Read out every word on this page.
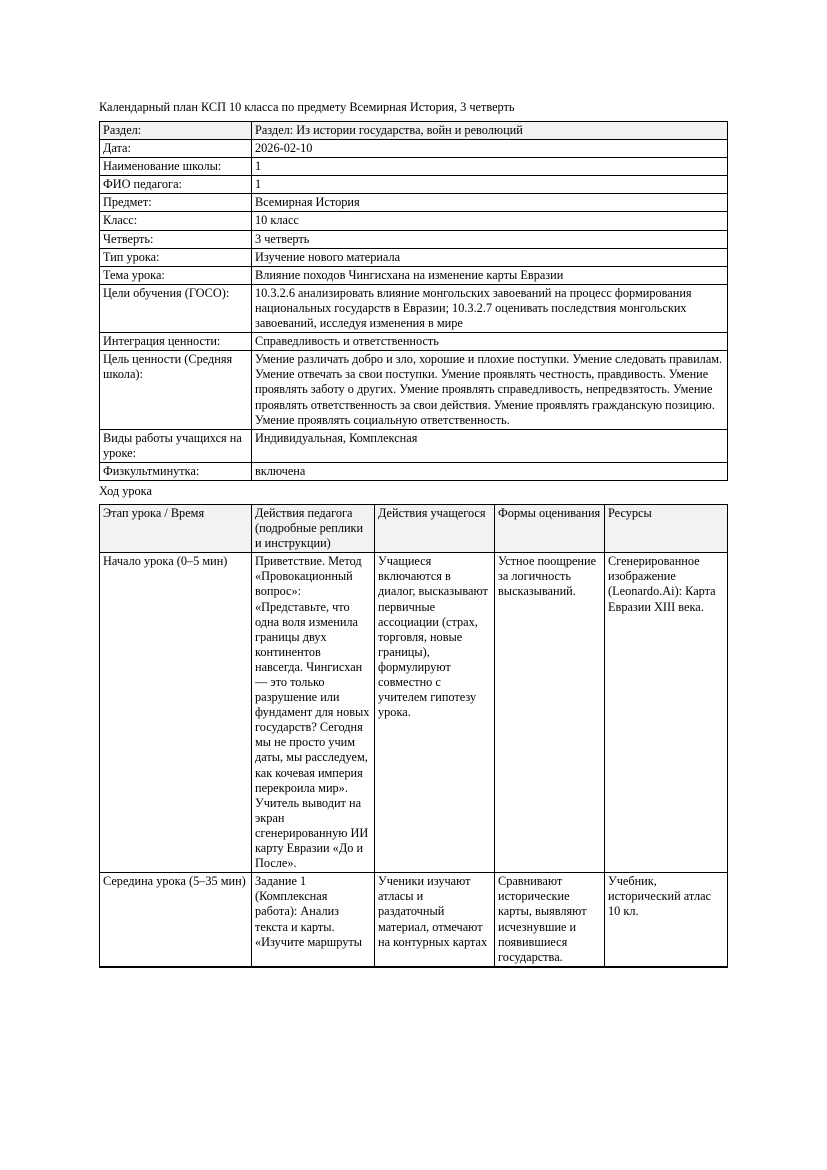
Календарный план КСП 10 класса по предмету Всемирная История, 3 четверть
Раздел:	Раздел: Из истории государства, войн и революций
Дата:	2026-02-10
Наименование школы:	1
ФИО педагога:	1
Предмет:	Всемирная История
Класс:	10 класс
Четверть:	3 четверть
Тип урока:	Изучение нового материала
Тема урока:	Влияние походов Чингисхана на изменение карты Евразии
Цели обучения (ГОСО):	10.3.2.6 анализировать влияние монгольских завоеваний на процесс формирования национальных государств в Евразии; 10.3.2.7 оценивать последствия монгольских завоеваний, исследуя изменения в мире
Интеграция ценности:	Справедливость и ответственность
Цель ценности (Средняя школа):	Умение различать добро и зло, хорошие и плохие поступки. Умение следовать правилам. Умение отвечать за свои поступки. Умение проявлять честность, правдивость. Умение проявлять заботу о других. Умение проявлять справедливость, непредвзятость. Умение проявлять ответственность за свои действия. Умение проявлять гражданскую позицию. Умение проявлять социальную ответственность.
Виды работы учащихся на уроке:	Индивидуальная, Комплексная
Физкультминутка:	включена
Ход урока
Этап урока / Время	Действия педагога (подробные реплики и инструкции)	Действия учащегося	Формы оценивания	Ресурсы
Начало урока (0–5 мин)	Приветствие. Метод «Провокационный вопрос»: «Представьте, что одна воля изменила границы двух континентов навсегда. Чингисхан — это только разрушение или фундамент для новых государств? Сегодня мы не просто учим даты, мы расследуем, как кочевая империя перекроила мир». Учитель выводит на экран сгенерированную ИИ карту Евразии «До и После».	Учащиеся включаются в диалог, высказывают первичные ассоциации (страх, торговля, новые границы), формулируют совместно с учителем гипотезу урока.	Устное поощрение за логичность высказываний.	Сгенерированное изображение (Leonardo.Ai): Карта Евразии XIII века.
Середина урока (5–35 мин)	Задание 1 (Комплексная работа): Анализ текста и карты. «Изучите маршруты	Ученики изучают атласы и раздаточный материал, отмечают на контурных картах	Сравнивают исторические карты, выявляют исчезнувшие и появившиеся государства.	Учебник, исторический атлас 10 кл.
